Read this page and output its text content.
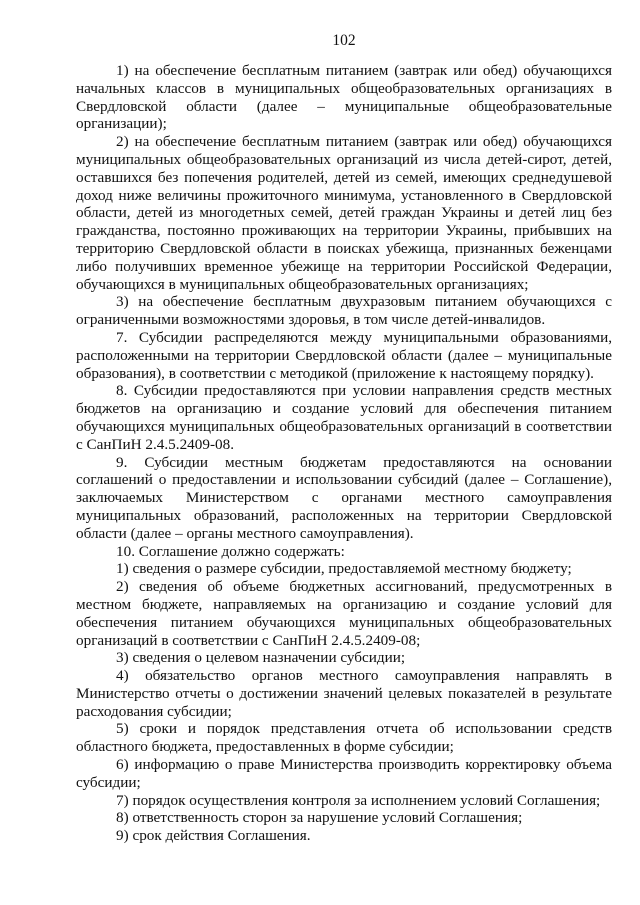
102

1) на обеспечение бесплатным питанием (завтрак или обед) обучающихся начальных классов в муниципальных общеобразовательных организациях в Свердловской области (далее – муниципальные общеобразовательные организации);

2) на обеспечение бесплатным питанием (завтрак или обед) обучающихся муниципальных общеобразовательных организаций из числа детей-сирот, детей, оставшихся без попечения родителей, детей из семей, имеющих среднедушевой доход ниже величины прожиточного минимума, установленного в Свердловской области, детей из многодетных семей, детей граждан Украины и детей лиц без гражданства, постоянно проживающих на территории Украины, прибывших на территорию Свердловской области в поисках убежища, признанных беженцами либо получивших временное убежище на территории Российской Федерации, обучающихся в муниципальных общеобразовательных организациях;

3) на обеспечение бесплатным двухразовым питанием обучающихся с ограниченными возможностями здоровья, в том числе детей-инвалидов.

7. Субсидии распределяются между муниципальными образованиями, расположенными на территории Свердловской области (далее – муниципальные образования), в соответствии с методикой (приложение к настоящему порядку).

8. Субсидии предоставляются при условии направления средств местных бюджетов на организацию и создание условий для обеспечения питанием обучающихся муниципальных общеобразовательных организаций в соответствии с СанПиН 2.4.5.2409-08.

9. Субсидии местным бюджетам предоставляются на основании соглашений о предоставлении и использовании субсидий (далее – Соглашение), заключаемых Министерством с органами местного самоуправления муниципальных образований, расположенных на территории Свердловской области (далее – органы местного самоуправления).

10. Соглашение должно содержать:

1) сведения о размере субсидии, предоставляемой местному бюджету;

2) сведения об объеме бюджетных ассигнований, предусмотренных в местном бюджете, направляемых на организацию и создание условий для обеспечения питанием обучающихся муниципальных общеобразовательных организаций в соответствии с СанПиН 2.4.5.2409-08;

3) сведения о целевом назначении субсидии;

4) обязательство органов местного самоуправления направлять в Министерство отчеты о достижении значений целевых показателей в результате расходования субсидии;

5) сроки и порядок представления отчета об использовании средств областного бюджета, предоставленных в форме субсидии;

6) информацию о праве Министерства производить корректировку объема субсидии;

7) порядок осуществления контроля за исполнением условий Соглашения;

8) ответственность сторон за нарушение условий Соглашения;

9) срок действия Соглашения.
